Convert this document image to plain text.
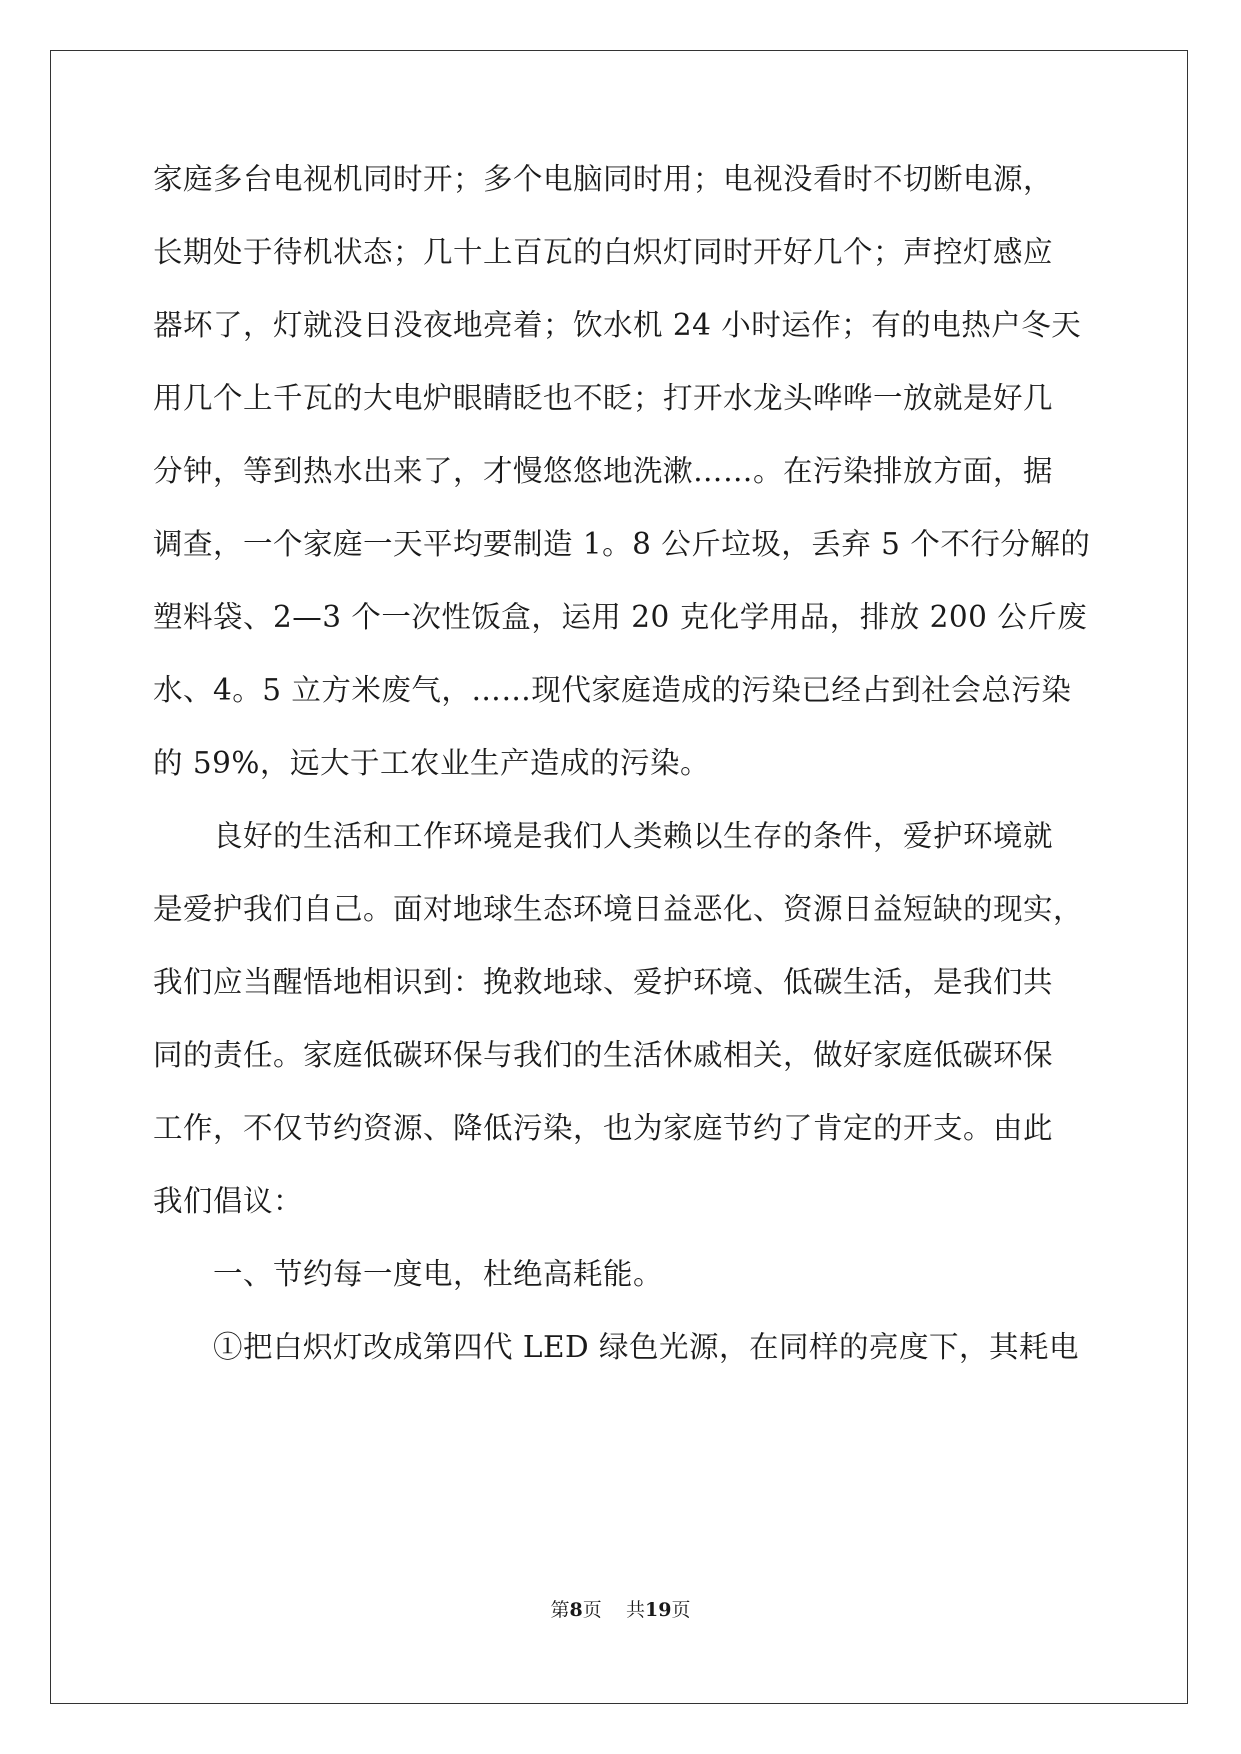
家庭多台电视机同时开；多个电脑同时用；电视没看时不切断电源，
长期处于待机状态；几十上百瓦的白炽灯同时开好几个；声控灯感应
器坏了，灯就没日没夜地亮着；饮水机 24 小时运作；有的电热户冬天
用几个上千瓦的大电炉眼睛眨也不眨；打开水龙头哗哗一放就是好几
分钟，等到热水出来了，才慢悠悠地洗漱……。在污染排放方面，据
调查，一个家庭一天平均要制造 1。8 公斤垃圾，丢弃 5 个不行分解的
塑料袋、2—3 个一次性饭盒，运用 20 克化学用品，排放 200 公斤废
水、4。5 立方米废气，……现代家庭造成的污染已经占到社会总污染
的 59%，远大于工农业生产造成的污染。
良好的生活和工作环境是我们人类赖以生存的条件，爱护环境就
是爱护我们自己。面对地球生态环境日益恶化、资源日益短缺的现实，
我们应当醒悟地相识到：挽救地球、爱护环境、低碳生活，是我们共
同的责任。家庭低碳环保与我们的生活休戚相关，做好家庭低碳环保
工作，不仅节约资源、降低污染，也为家庭节约了肯定的开支。由此
我们倡议：
一、节约每一度电，杜绝高耗能。
①把白炽灯改成第四代 LED 绿色光源，在同样的亮度下，其耗电
第8页 共19页
